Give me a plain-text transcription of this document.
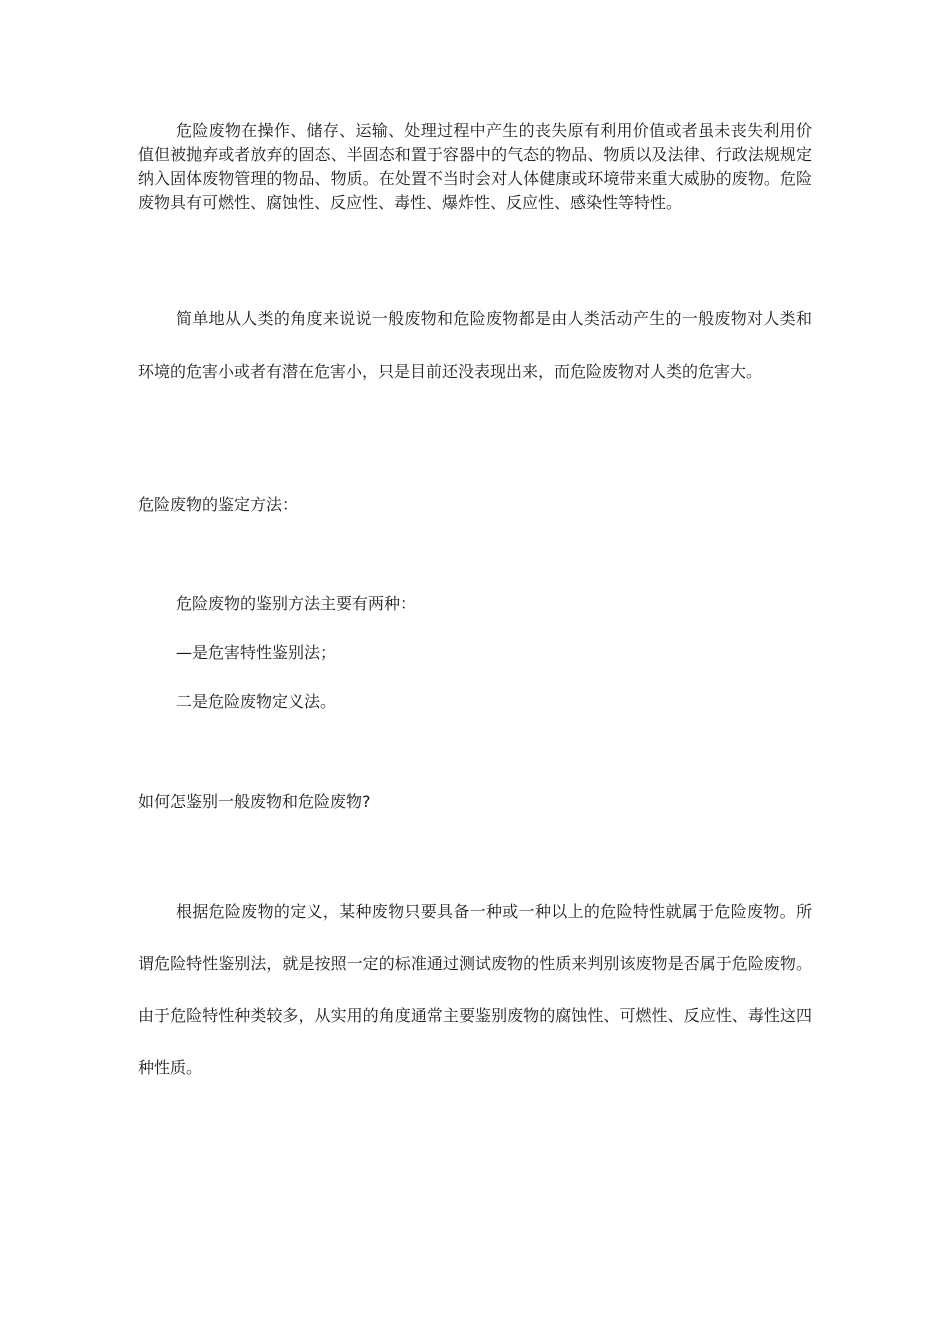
危险废物在操作、储存、运输、处理过程中产生的丧失原有利用价值或者虽未丧失利用价值但被抛弃或者放弃的固态、半固态和置于容器中的气态的物品、物质以及法律、行政法规规定纳入固体废物管理的物品、物质。在处置不当时会对人体健康或环境带来重大威胁的废物。危险废物具有可燃性、腐蚀性、反应性、毒性、爆炸性、反应性、感染性等特性。

简单地从人类的角度来说说一般废物和危险废物都是由人类活动产生的一般废物对人类和环境的危害小或者有潜在危害小，只是目前还没表现出来，而危险废物对人类的危害大。

危险废物的鉴定方法：

危险废物的鉴别方法主要有两种：

—是危害特性鉴别法；

二是危险废物定义法。

如何怎鉴别一般废物和危险废物?

根据危险废物的定义，某种废物只要具备一种或一种以上的危险特性就属于危险废物。所谓危险特性鉴别法，就是按照一定的标准通过测试废物的性质来判别该废物是否属于危险废物。由于危险特性种类较多，从实用的角度通常主要鉴别废物的腐蚀性、可燃性、反应性、毒性这四种性质。
